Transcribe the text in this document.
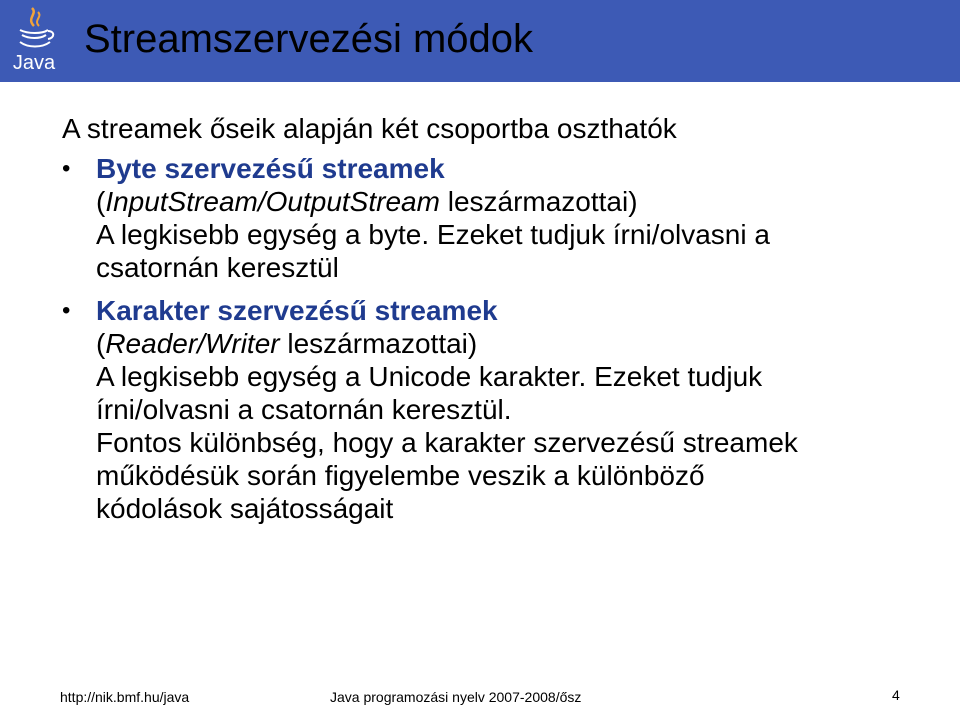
Java
Streamszervezési módok
A streamek őseik alapján két csoportba oszthatók
• Byte szervezésű streamek
(InputStream/OutputStream leszármazottai)
A legkisebb egység a byte. Ezeket tudjuk írni/olvasni a
csatornán keresztül
• Karakter szervezésű streamek
(Reader/Writer leszármazottai)
A legkisebb egység a Unicode karakter. Ezeket tudjuk
írni/olvasni a csatornán keresztül.
Fontos különbség, hogy a karakter szervezésű streamek
működésük során figyelembe veszik a különböző
kódolások sajátosságait
http://nik.bmf.hu/java	Java programozási nyelv 2007-2008/ősz	4
